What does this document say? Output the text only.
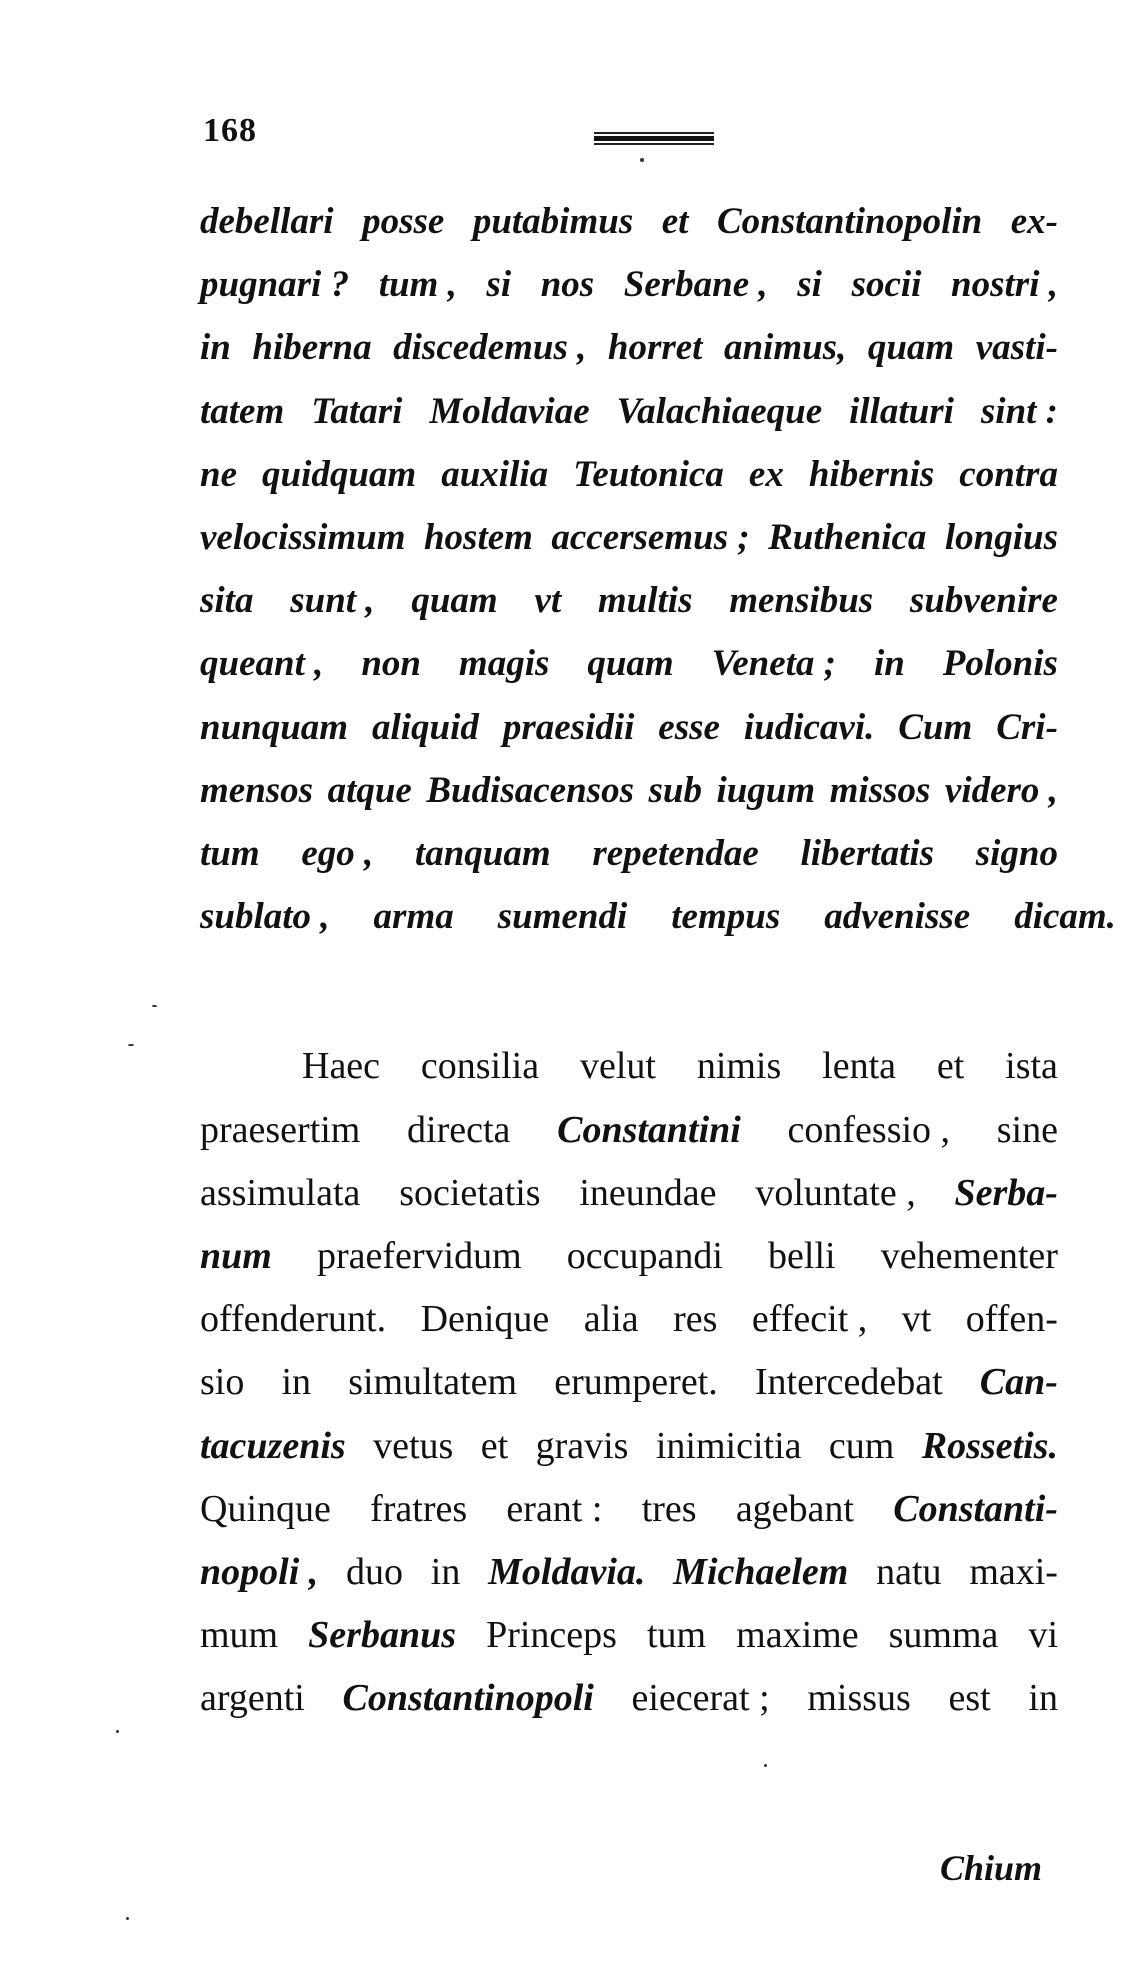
168
debellari posse putabimus et Constantinopolin ex-
pugnari ? tum , si nos Serbane , si socii nostri ,
in hiberna discedemus , horret animus, quam vasti-
tatem Tatari Moldaviae Valachiaeque illaturi sint :
ne quidquam auxilia Teutonica ex hibernis contra
velocissimum hostem accersemus ; Ruthenica longius
sita sunt , quam vt multis mensibus subvenire
queant , non magis quam Veneta ; in Polonis
nunquam aliquid praesidii esse iudicavi. Cum Cri-
mensos atque Budisacensos sub iugum missos videro ,
tum ego , tanquam repetendae libertatis signo
sublato , arma sumendi tempus advenisse dicam.
Haec consilia velut nimis lenta et ista
praesertim directa Constantini confessio , sine
assimulata societatis ineundae voluntate , Serba-
num praefervidum occupandi belli vehementer
offenderunt. Denique alia res effecit , vt offen-
sio in simultatem erumperet. Intercedebat Can-
tacuzenis vetus et gravis inimicitia cum Rossetis.
Quinque fratres erant : tres agebant Constanti-
nopoli , duo in Moldavia. Michaelem natu maxi-
mum Serbanus Princeps tum maxime summa vi
argenti Constantinopoli eiecerat ; missus est in
Chium
